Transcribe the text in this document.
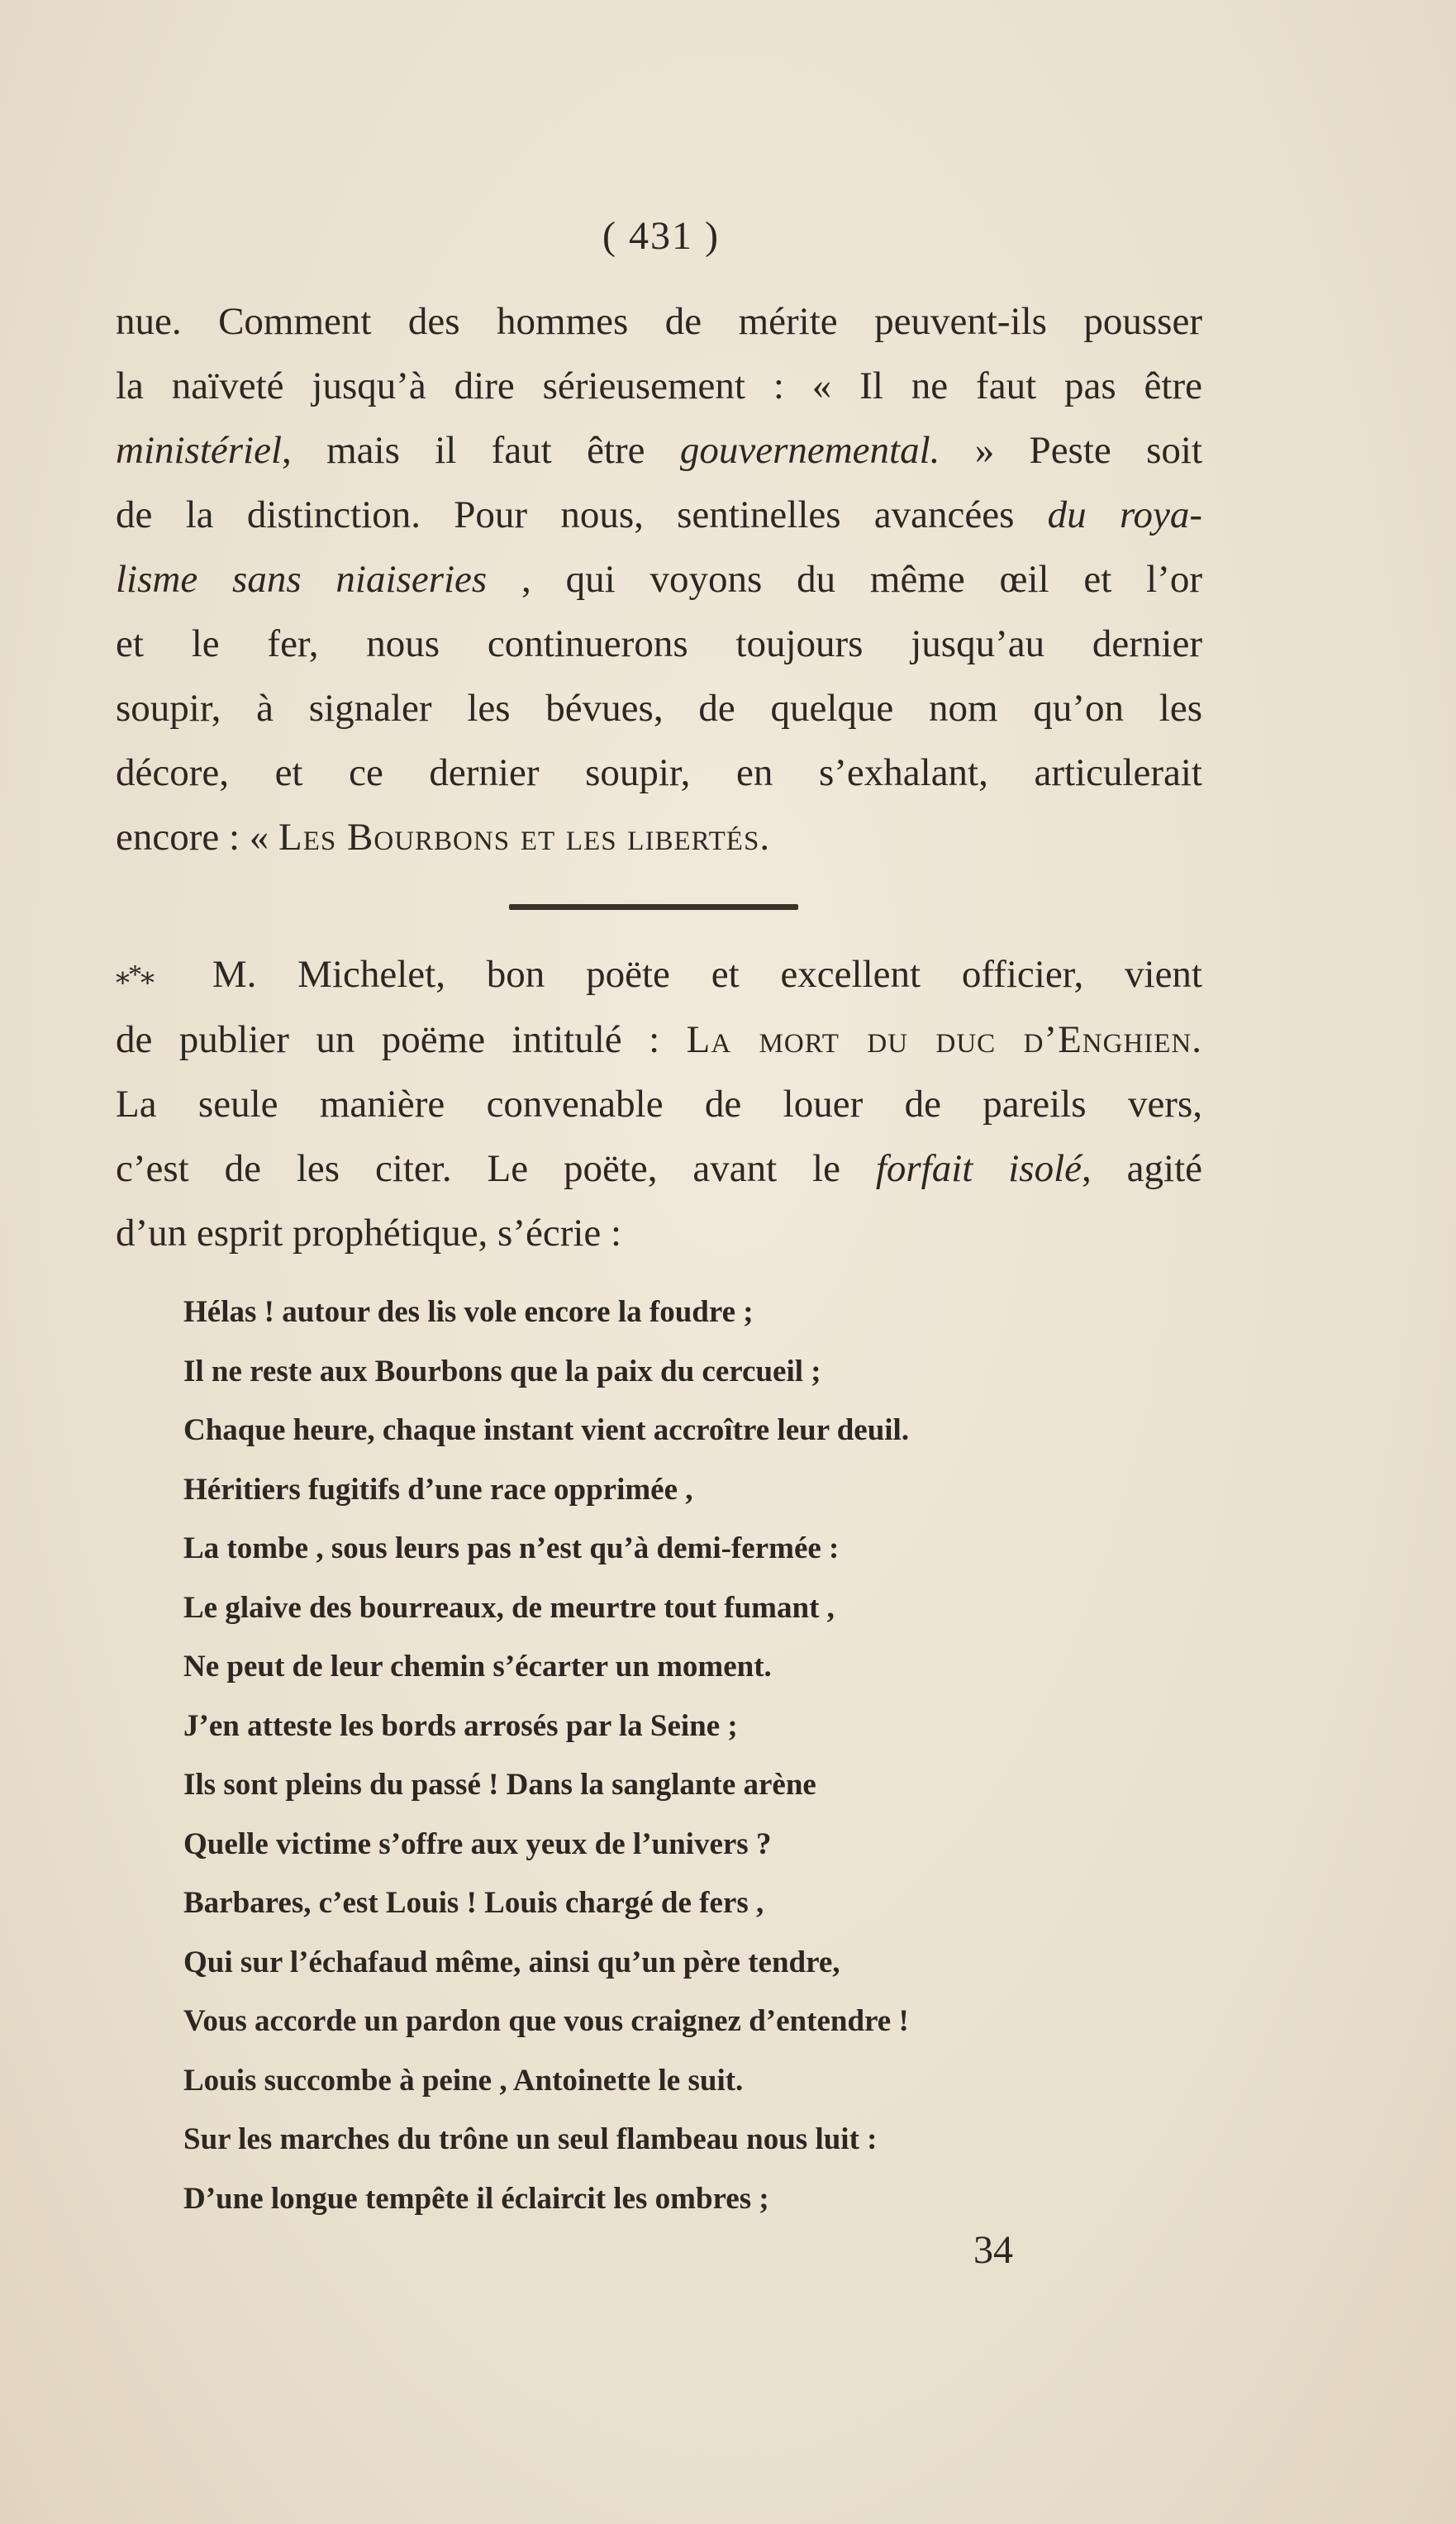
( 431 )
nue. Comment des hommes de mérite peuvent-ils pousser
la naïveté jusqu’à dire sérieusement : « Il ne faut pas être
ministériel, mais il faut être gouvernemental. » Peste soit
de la distinction. Pour nous, sentinelles avancées du roya-
lisme sans niaiseries , qui voyons du même œil et l’or
et le fer, nous continuerons toujours jusqu’au dernier
soupir, à signaler les bévues, de quelque nom qu’on les
décore, et ce dernier soupir, en s’exhalant, articulerait
encore : « Les Bourbons et les libertés.
⁎*⁎ M. Michelet, bon poëte et excellent officier, vient
de publier un poëme intitulé : La mort du duc d’Enghien.
La seule manière convenable de louer de pareils vers,
c’est de les citer. Le poëte, avant le forfait isolé, agité
d’un esprit prophétique, s’écrie :
Hélas ! autour des lis vole encore la foudre ;
Il ne reste aux Bourbons que la paix du cercueil ;
Chaque heure, chaque instant vient accroître leur deuil.
Héritiers fugitifs d’une race opprimée ,
La tombe , sous leurs pas n’est qu’à demi-fermée :
Le glaive des bourreaux, de meurtre tout fumant ,
Ne peut de leur chemin s’écarter un moment.
J’en atteste les bords arrosés par la Seine ;
Ils sont pleins du passé ! Dans la sanglante arène
Quelle victime s’offre aux yeux de l’univers ?
Barbares, c’est Louis ! Louis chargé de fers ,
Qui sur l’échafaud même, ainsi qu’un père tendre,
Vous accorde un pardon que vous craignez d’entendre !
Louis succombe à peine , Antoinette le suit.
Sur les marches du trône un seul flambeau nous luit :
D’une longue tempête il éclaircit les ombres ;
34
